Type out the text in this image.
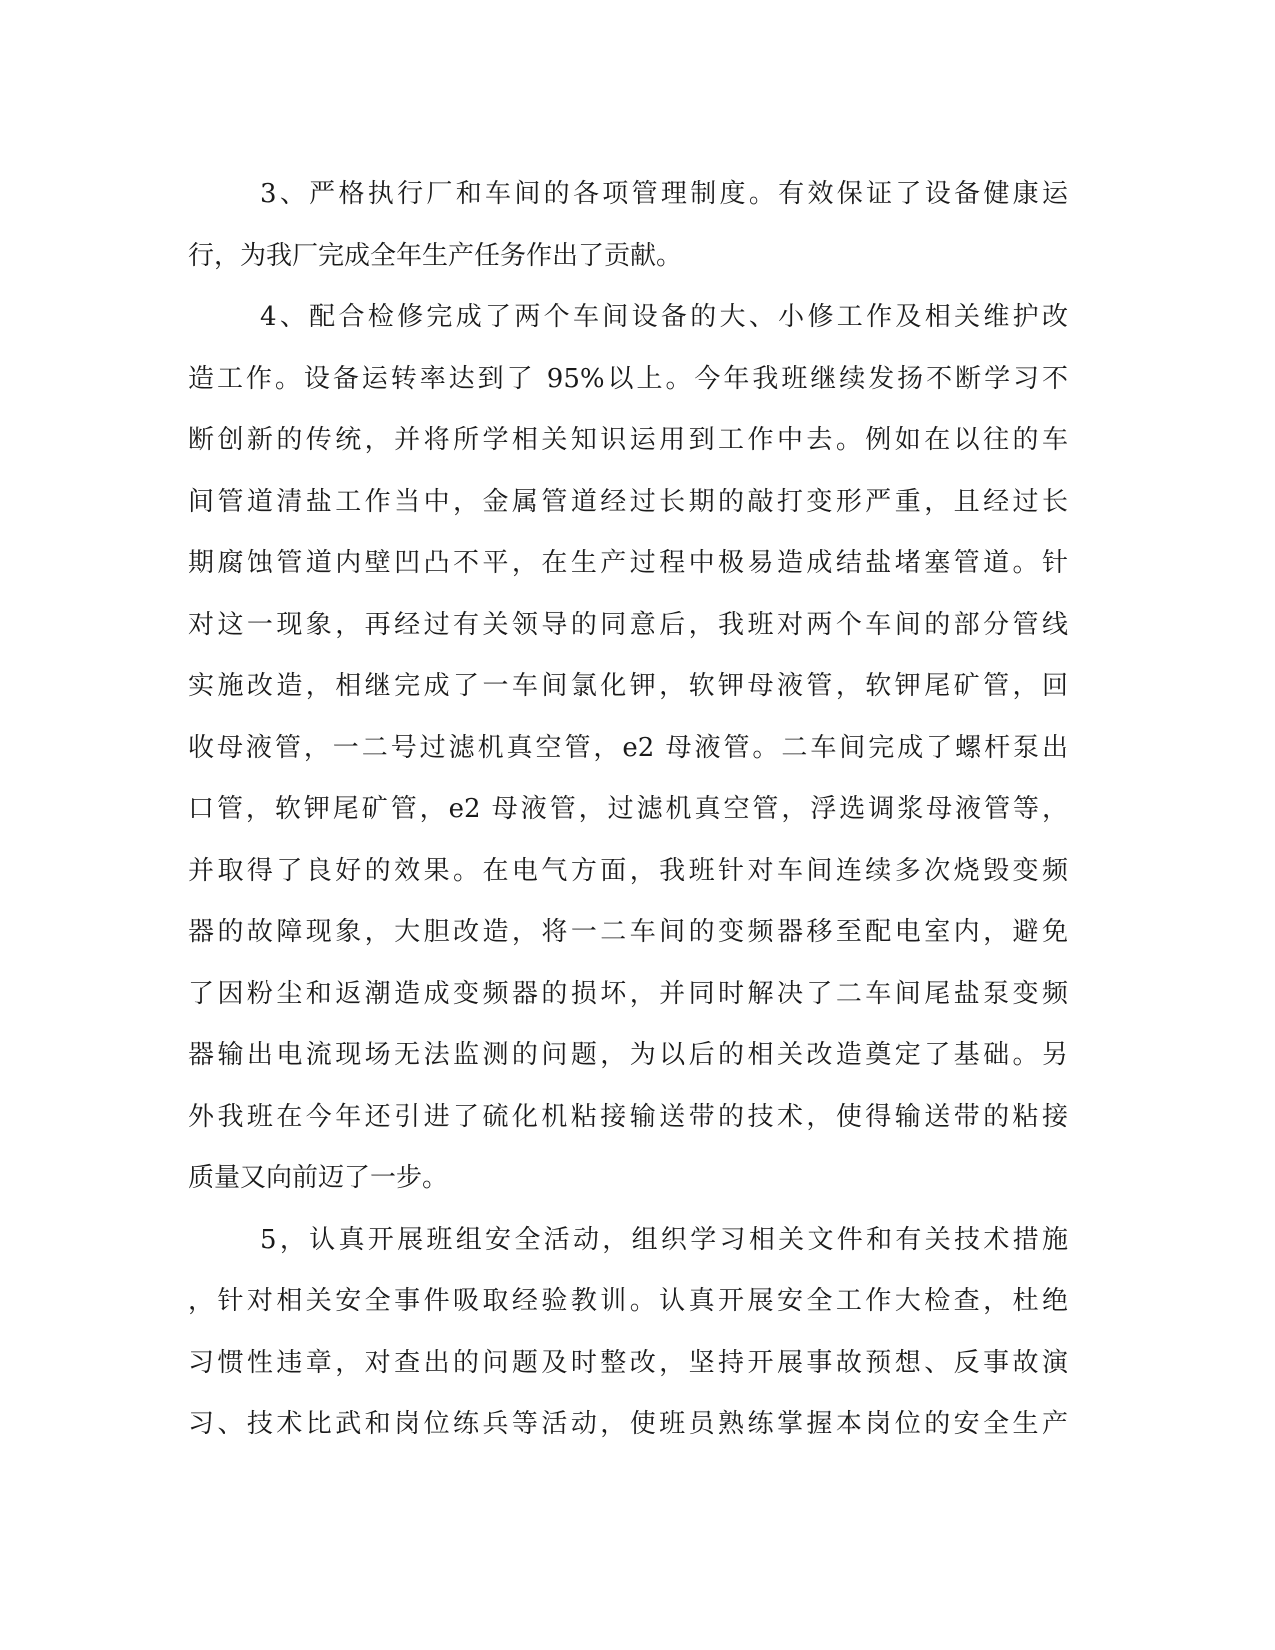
3、严格执行厂和车间的各项管理制度。有效保证了设备健康运
行，为我厂完成全年生产任务作出了贡献。
4、配合检修完成了两个车间设备的大、小修工作及相关维护改
造工作。设备运转率达到了 95%以上。今年我班继续发扬不断学习不
断创新的传统，并将所学相关知识运用到工作中去。例如在以往的车
间管道清盐工作当中，金属管道经过长期的敲打变形严重，且经过长
期腐蚀管道内壁凹凸不平，在生产过程中极易造成结盐堵塞管道。针
对这一现象，再经过有关领导的同意后，我班对两个车间的部分管线
实施改造，相继完成了一车间氯化钾，软钾母液管，软钾尾矿管，回
收母液管，一二号过滤机真空管，e2 母液管。二车间完成了螺杆泵出
口管，软钾尾矿管，e2 母液管，过滤机真空管，浮选调浆母液管等，
并取得了良好的效果。在电气方面，我班针对车间连续多次烧毁变频
器的故障现象，大胆改造，将一二车间的变频器移至配电室内，避免
了因粉尘和返潮造成变频器的损坏，并同时解决了二车间尾盐泵变频
器输出电流现场无法监测的问题，为以后的相关改造奠定了基础。另
外我班在今年还引进了硫化机粘接输送带的技术，使得输送带的粘接
质量又向前迈了一步。
5，认真开展班组安全活动，组织学习相关文件和有关技术措施
，针对相关安全事件吸取经验教训。认真开展安全工作大检查，杜绝
习惯性违章，对查出的问题及时整改，坚持开展事故预想、反事故演
习、技术比武和岗位练兵等活动，使班员熟练掌握本岗位的安全生产
